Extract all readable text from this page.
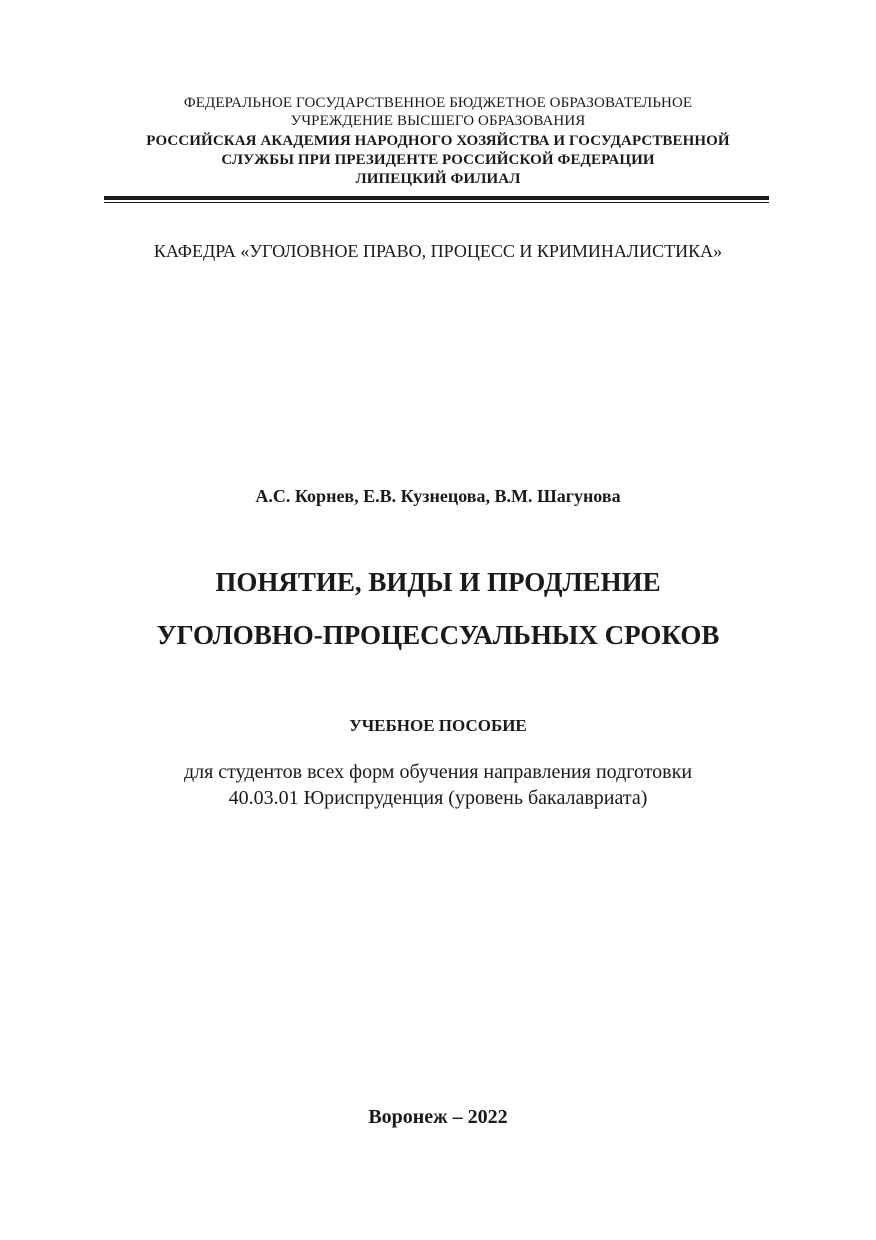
ФЕДЕРАЛЬНОЕ ГОСУДАРСТВЕННОЕ БЮДЖЕТНОЕ ОБРАЗОВАТЕЛЬНОЕ
УЧРЕЖДЕНИЕ ВЫСШЕГО ОБРАЗОВАНИЯ
РОССИЙСКАЯ АКАДЕМИЯ НАРОДНОГО ХОЗЯЙСТВА И ГОСУДАРСТВЕННОЙ
СЛУЖБЫ ПРИ ПРЕЗИДЕНТЕ РОССИЙСКОЙ ФЕДЕРАЦИИ
ЛИПЕЦКИЙ ФИЛИАЛ
КАФЕДРА «УГОЛОВНОЕ ПРАВО, ПРОЦЕСС И КРИМИНАЛИСТИКА»
А.С. Корнев, Е.В. Кузнецова, В.М. Шагунова
ПОНЯТИЕ, ВИДЫ И ПРОДЛЕНИЕ
УГОЛОВНО-ПРОЦЕССУАЛЬНЫХ СРОКОВ
УЧЕБНОЕ ПОСОБИЕ
для студентов всех форм обучения направления подготовки
40.03.01 Юриспруденция (уровень бакалавриата)
Воронеж – 2022
